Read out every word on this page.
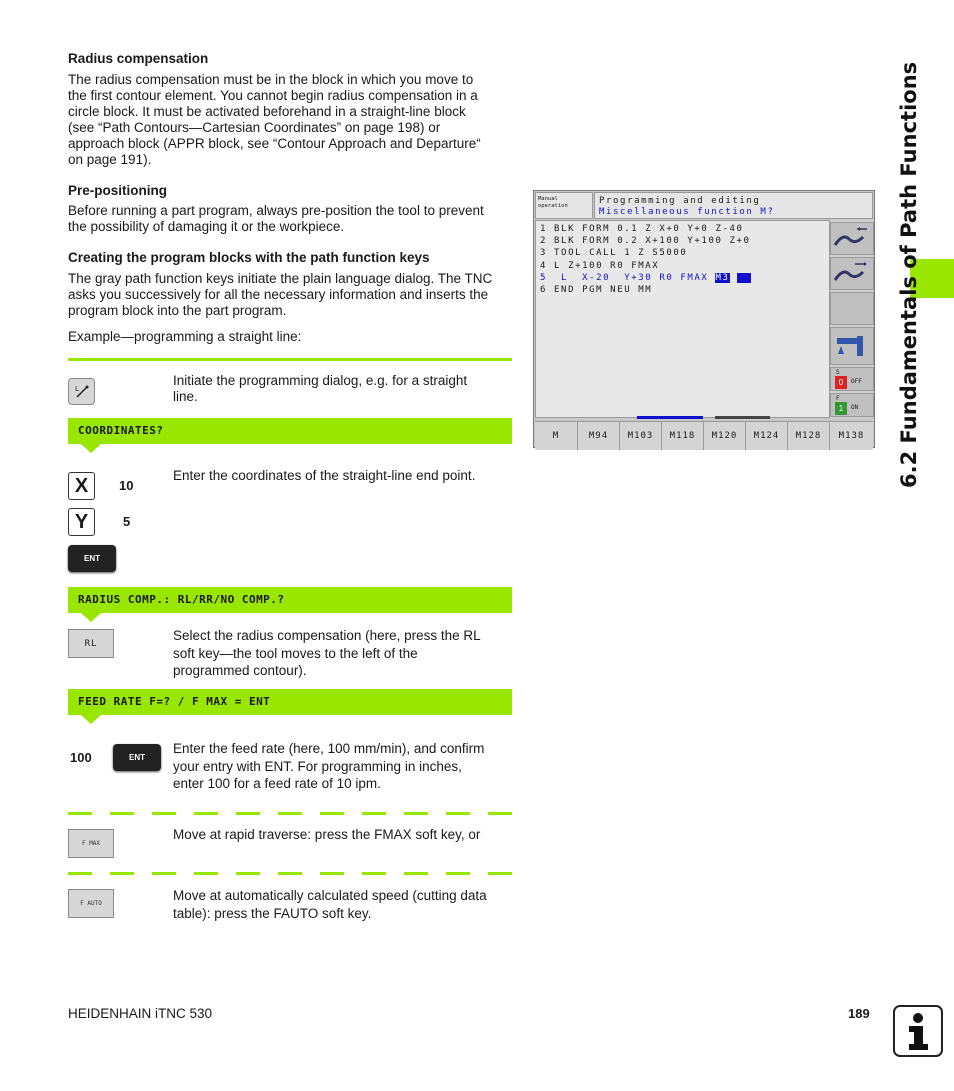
Radius compensation
The radius compensation must be in the block in which you move to
the first contour element. You cannot begin radius compensation in a
circle block. It must be activated beforehand in a straight-line block
(see “Path Contours—Cartesian Coordinates” on page 198) or
approach block (APPR block, see “Contour Approach and Departure“
on page 191).
Pre-positioning
Before running a part program, always pre-position the tool to prevent
the possibility of damaging it or the workpiece.
Creating the program blocks with the path function keys
The gray path function keys initiate the plain language dialog. The TNC
asks you successively for all the necessary information and inserts the
program block into the part program.
Example—programming a straight line:
L
Initiate the programming dialog, e.g. for a straight
line.
COORDINATES?
X	10
Y	5
ENT
Enter the coordinates of the straight-line end point.
RADIUS COMP.: RL/RR/NO COMP.?
RL
Select the radius compensation (here, press the RL
soft key—the tool moves to the left of the
programmed contour).
FEED RATE F=? / F MAX = ENT
100	ENT
Enter the feed rate (here, 100 mm/min), and confirm
your entry with ENT. For programming in inches,
enter 100 for a feed rate of 10 ipm.
F MAX
Move at rapid traverse: press the FMAX soft key, or
F AUTO
Move at automatically calculated speed (cutting data
table): press the FAUTO soft key.
Manual
operation	Programming and editing
Miscellaneous function M?
1 BLK FORM 0.1 Z X+0 Y+0 Z-40
2 BLK FORM 0.2 X+100 Y+100 Z+0
3 TOOL CALL 1 Z S5000
4 L Z+100 R0 FMAX
5  L  X-20  Y+30 R0 FMAX M3
6 END PGM NEU MM
S
0	OFF
F
1	ON
M	M94	M103	M118	M120	M124	M128	M138	6.2 Fundamentals of Path Functions
HEIDENHAIN iTNC 530	189
